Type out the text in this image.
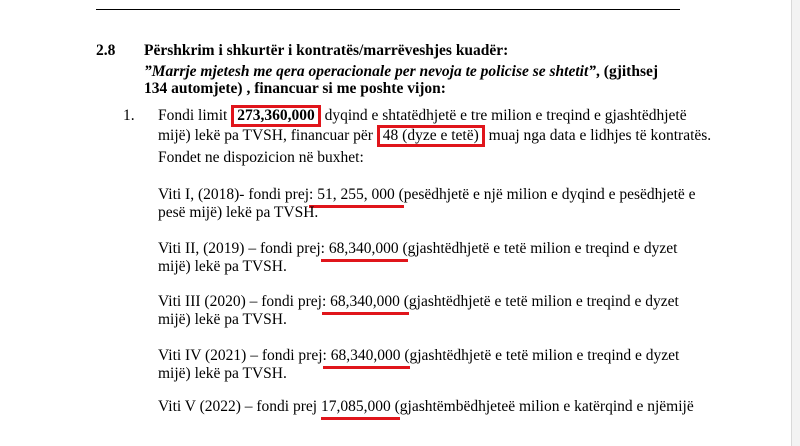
2.8 Përshkrim i shkurtër i kontratës/marrëveshjes kuadër:
”Marrje mjetesh me qera operacionale per nevoja te policise se shtetit”, (gjithsej
134 automjete) , financuar si me poshte vijon:
1. Fondi limit 273,360,000 dyqind e shtatëdhjetë e tre milion e treqind e gjashtëdhjetë
mijë) lekë pa TVSH, financuar për 48 (dyze e tetë) muaj nga data e lidhjes të kontratës.
Fondet ne dispozicion në buxhet:
Viti I, (2018)- fondi prej: 51, 255, 000 (pesëdhjetë e një milion e dyqind e pesëdhjetë e
pesë mijë) lekë pa TVSH.
Viti II, (2019) – fondi prej: 68,340,000 (gjashtëdhjetë e tetë milion e treqind e dyzet
mijë) lekë pa TVSH.
Viti III (2020) – fondi prej: 68,340,000 (gjashtëdhjetë e tetë milion e treqind e dyzet
mijë) lekë pa TVSH.
Viti IV (2021) – fondi prej: 68,340,000 (gjashtëdhjetë e tetë milion e treqind e dyzet
mijë) lekë pa TVSH.
Viti V (2022) – fondi prej 17,085,000 (gjashtëmbëdhjeteë milion e katërqind e njëmijë
